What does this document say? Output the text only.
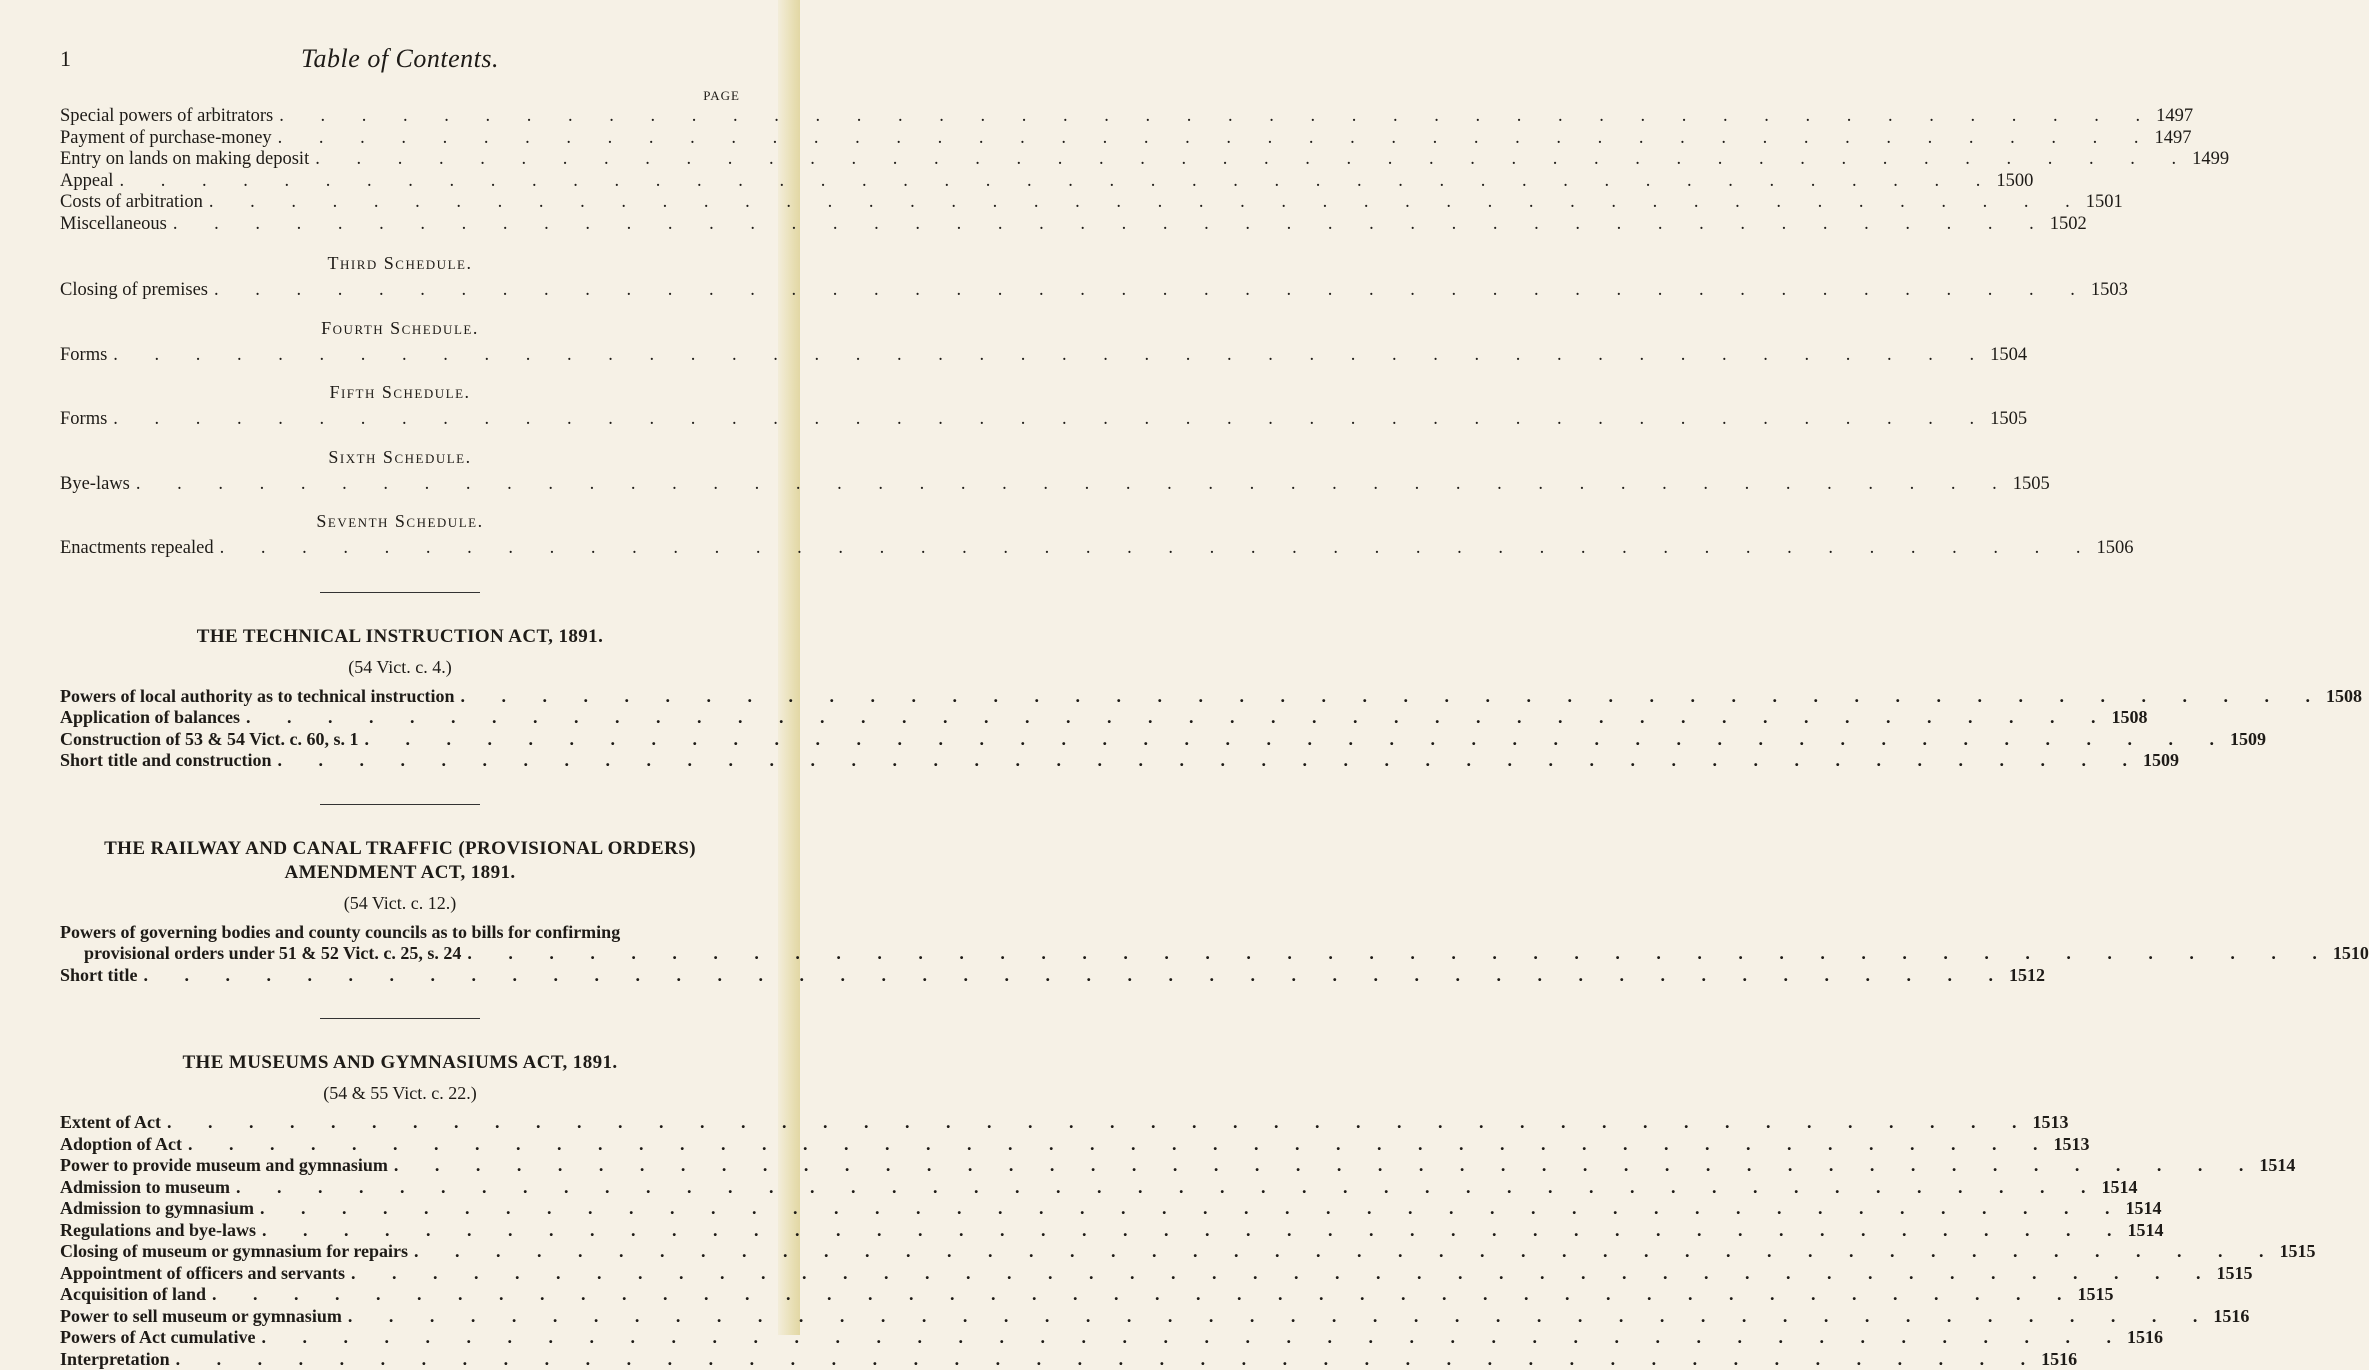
1	Table of Contents.
PAGE
Special powers of arbitrators . . . . . . . . . . . . . . . . . . . . . . . . . . . . . . . . . . . . . . . . . . . . . . 1497
Payment of purchase-money . . . . . . . . . . . . . . . . . . . . . . . . . . . . . . . . . . . . . . . . . . . . . . 1497
Entry on lands on making deposit . . . . . . . . . . . . . . . . . . . . . . . . . . . . . . . . . . . . . . . . . . . . . . 1499
Appeal . . . . . . . . . . . . . . . . . . . . . . . . . . . . . . . . . . . . . . . . . . . . . . 1500
Costs of arbitration . . . . . . . . . . . . . . . . . . . . . . . . . . . . . . . . . . . . . . . . . . . . . . 1501
Miscellaneous . . . . . . . . . . . . . . . . . . . . . . . . . . . . . . . . . . . . . . . . . . . . . . 1502
Third Schedule.
Closing of premises . . . . . . . . . . . . . . . . . . . . . . . . . . . . . . . . . . . . . . . . . . . . . . 1503
Fourth Schedule.
Forms . . . . . . . . . . . . . . . . . . . . . . . . . . . . . . . . . . . . . . . . . . . . . . 1504
Fifth Schedule.
Forms . . . . . . . . . . . . . . . . . . . . . . . . . . . . . . . . . . . . . . . . . . . . . . 1505
Sixth Schedule.
Bye-laws . . . . . . . . . . . . . . . . . . . . . . . . . . . . . . . . . . . . . . . . . . . . . . 1505
Seventh Schedule.
Enactments repealed . . . . . . . . . . . . . . . . . . . . . . . . . . . . . . . . . . . . . . . . . . . . . . 1506
THE TECHNICAL INSTRUCTION ACT, 1891.
(54 Vict. c. 4.)
Powers of local authority as to technical instruction . . . . . . . . . . . . . . . . . . . . . . . . . . . . . . . . . . . . . . . . . . . . . . 1508
Application of balances . . . . . . . . . . . . . . . . . . . . . . . . . . . . . . . . . . . . . . . . . . . . . . 1508
Construction of 53 & 54 Vict. c. 60, s. 1 . . . . . . . . . . . . . . . . . . . . . . . . . . . . . . . . . . . . . . . . . . . . . . 1509
Short title and construction . . . . . . . . . . . . . . . . . . . . . . . . . . . . . . . . . . . . . . . . . . . . . . 1509
THE RAILWAY AND CANAL TRAFFIC (PROVISIONAL ORDERS) AMENDMENT ACT, 1891.
(54 Vict. c. 12.)
Powers of governing bodies and county councils as to bills for confirming
provisional orders under 51 & 52 Vict. c. 25, s. 24 . . . . . . . . . . . . . . . . . . . . . . . . . . . . . . . . . . . . . . . . . . . . . . 1510
Short title . . . . . . . . . . . . . . . . . . . . . . . . . . . . . . . . . . . . . . . . . . . . . . 1512
THE MUSEUMS AND GYMNASIUMS ACT, 1891.
(54 & 55 Vict. c. 22.)
Extent of Act . . . . . . . . . . . . . . . . . . . . . . . . . . . . . . . . . . . . . . . . . . . . . . 1513
Adoption of Act . . . . . . . . . . . . . . . . . . . . . . . . . . . . . . . . . . . . . . . . . . . . . . 1513
Power to provide museum and gymnasium . . . . . . . . . . . . . . . . . . . . . . . . . . . . . . . . . . . . . . . . . . . . . . 1514
Admission to museum . . . . . . . . . . . . . . . . . . . . . . . . . . . . . . . . . . . . . . . . . . . . . . 1514
Admission to gymnasium . . . . . . . . . . . . . . . . . . . . . . . . . . . . . . . . . . . . . . . . . . . . . . 1514
Regulations and bye-laws . . . . . . . . . . . . . . . . . . . . . . . . . . . . . . . . . . . . . . . . . . . . . . 1514
Closing of museum or gymnasium for repairs . . . . . . . . . . . . . . . . . . . . . . . . . . . . . . . . . . . . . . . . . . . . . . 1515
Appointment of officers and servants . . . . . . . . . . . . . . . . . . . . . . . . . . . . . . . . . . . . . . . . . . . . . . 1515
Acquisition of land . . . . . . . . . . . . . . . . . . . . . . . . . . . . . . . . . . . . . . . . . . . . . . 1515
Power to sell museum or gymnasium . . . . . . . . . . . . . . . . . . . . . . . . . . . . . . . . . . . . . . . . . . . . . . 1516
Powers of Act cumulative . . . . . . . . . . . . . . . . . . . . . . . . . . . . . . . . . . . . . . . . . . . . . . 1516
Interpretation . . . . . . . . . . . . . . . . . . . . . . . . . . . . . . . . . . . . . . . . . . . . . . 1516
